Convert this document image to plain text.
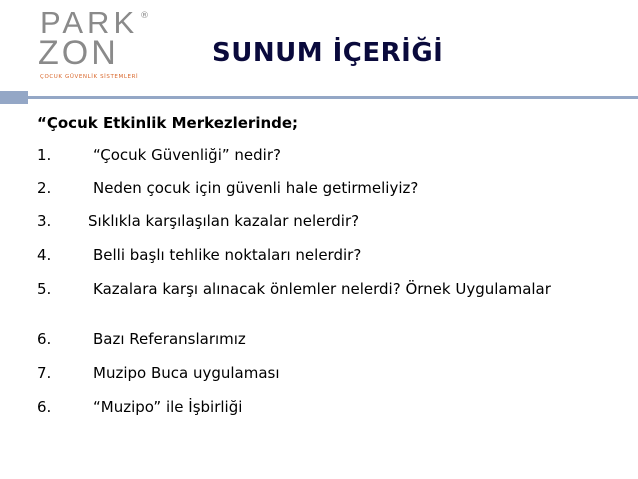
PARK ®
ZON
ÇOCUK GÜVENLİK SİSTEMLERİ
SUNUM İÇERİĞİ
“Çocuk Etkinlik Merkezlerinde;
1.	“Çocuk Güvenliği” nedir?
2.	Neden çocuk için güvenli hale getirmeliyiz?
3. Sıklıkla karşılaşılan kazalar nelerdir?
4.	Belli başlı tehlike noktaları nelerdir?
5.	Kazalara karşı alınacak önlemler nelerdi? Örnek Uygulamalar
6.	Bazı Referanslarımız
7.	Muzipo Buca uygulaması
6.	“Muzipo” ile İşbirliği
